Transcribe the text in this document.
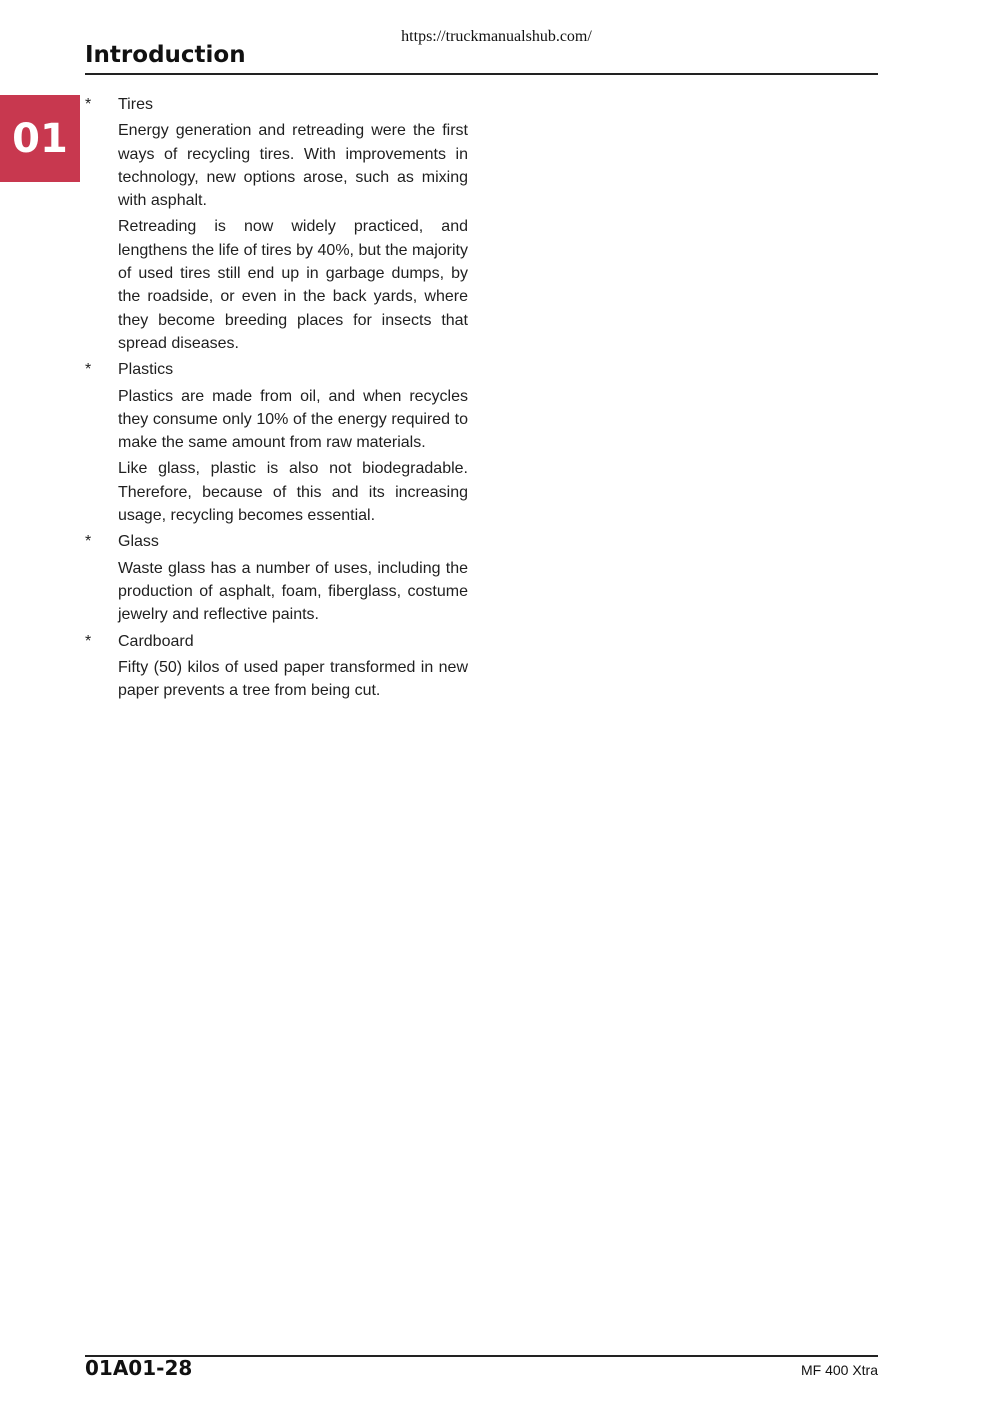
https://truckmanualshub.com/
Introduction
01
* Tires

Energy generation and retreading were the first ways of recycling tires. With improvements in technology, new options arose, such as mixing with asphalt.

Retreading is now widely practiced, and lengthens the life of tires by 40%, but the majority of used tires still end up in garbage dumps, by the roadside, or even in the back yards, where they become breeding places for insects that spread diseases.

* Plastics

Plastics are made from oil, and when recycles they consume only 10% of the energy required to make the same amount from raw materials.

Like glass, plastic is also not biodegradable. Therefore, because of this and its increasing usage, recycling becomes essential.

* Glass

Waste glass has a number of uses, including the production of asphalt, foam, fiberglass, costume jewelry and reflective paints.

* Cardboard

Fifty (50) kilos of used paper transformed in new paper prevents a tree from being cut.

01A01-28	MF 400 Xtra
